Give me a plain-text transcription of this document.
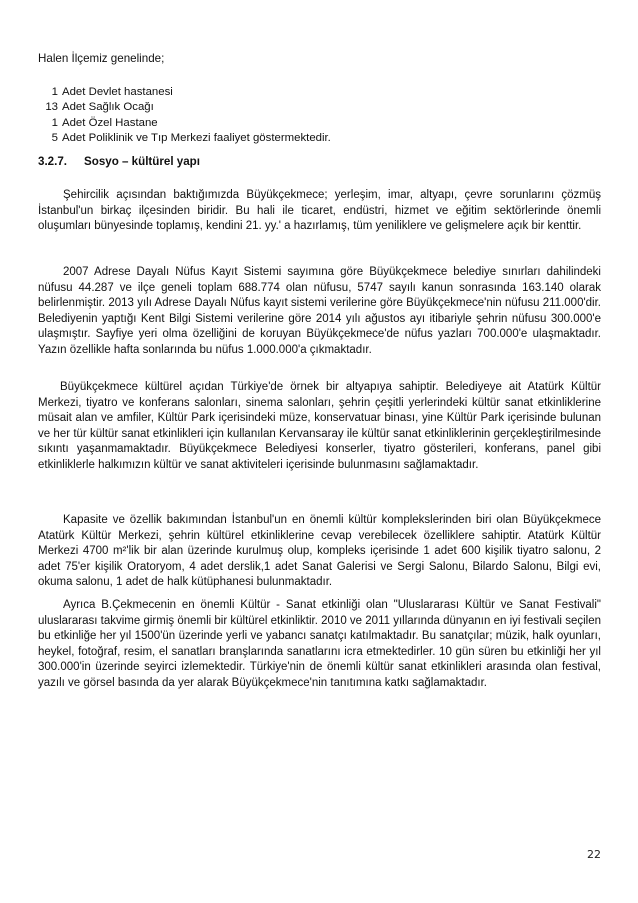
Halen İlçemiz genelinde;
1 Adet Devlet hastanesi
13 Adet Sağlık Ocağı
1 Adet Özel Hastane
5 Adet Poliklinik ve Tıp Merkezi faaliyet göstermektedir.
3.2.7. Sosyo – kültürel yapı

Şehircilik açısından baktığımızda Büyükçekmece; yerleşim, imar, altyapı, çevre sorunlarını çözmüş İstanbul'un birkaç ilçesinden biridir. Bu hali ile ticaret, endüstri, hizmet ve eğitim sektörlerinde önemli oluşumları bünyesinde toplamış, kendini 21. yy.' a hazırlamış, tüm yeniliklere ve gelişmelere açık bir kenttir.

2007 Adrese Dayalı Nüfus Kayıt Sistemi sayımına göre Büyükçekmece belediye sınırları dahilindeki nüfusu 44.287 ve ilçe geneli toplam 688.774 olan nüfusu, 5747 sayılı kanun sonrasında 163.140 olarak belirlenmiştir. 2013 yılı Adrese Dayalı Nüfus kayıt sistemi verilerine göre Büyükçekmece'nin nüfusu 211.000'dir. Belediyenin yaptığı Kent Bilgi Sistemi verilerine göre 2014 yılı ağustos ayı itibariyle şehrin nüfusu 300.000'e ulaşmıştır. Sayfiye yeri olma özelliğini de koruyan Büyükçekmece'de nüfus yazları 700.000'e ulaşmaktadır. Yazın özellikle hafta sonlarında bu nüfus 1.000.000'a çıkmaktadır.

Büyükçekmece kültürel açıdan Türkiye'de örnek bir altyapıya sahiptir. Belediyeye ait Atatürk Kültür Merkezi, tiyatro ve konferans salonları, sinema salonları, şehrin çeşitli yerlerindeki kültür sanat etkinliklerine müsait alan ve amfiler, Kültür Park içerisindeki müze, konservatuar binası, yine Kültür Park içerisinde bulunan ve her tür kültür sanat etkinlikleri için kullanılan Kervansaray ile kültür sanat etkinliklerinin gerçekleştirilmesinde sıkıntı yaşanmamaktadır. Büyükçekmece Belediyesi konserler, tiyatro gösterileri, konferans, panel gibi etkinliklerle halkımızın kültür ve sanat aktiviteleri içerisinde bulunmasını sağlamaktadır.

Kapasite ve özellik bakımından İstanbul'un en önemli kültür komplekslerinden biri olan Büyükçekmece Atatürk Kültür Merkezi, şehrin kültürel etkinliklerine cevap verebilecek özelliklere sahiptir. Atatürk Kültür Merkezi 4700 m²'lik bir alan üzerinde kurulmuş olup, kompleks içerisinde 1 adet 600 kişilik tiyatro salonu, 2 adet 75'er kişilik Oratoryom, 4 adet derslik,1 adet Sanat Galerisi ve Sergi Salonu, Bilardo Salonu, Bilgi evi, okuma salonu, 1 adet de halk kütüphanesi bulunmaktadır.

Ayrıca B.Çekmecenin en önemli Kültür - Sanat etkinliği olan "Uluslararası Kültür ve Sanat Festivali" uluslararası takvime girmiş önemli bir kültürel etkinliktir. 2010 ve 2011 yıllarında dünyanın en iyi festivali seçilen bu etkinliğe her yıl 1500'ün üzerinde yerli ve yabancı sanatçı katılmaktadır. Bu sanatçılar; müzik, halk oyunları, heykel, fotoğraf, resim, el sanatları branşlarında sanatlarını icra etmektedirler. 10 gün süren bu etkinliği her yıl 300.000'in üzerinde seyirci izlemektedir. Türkiye'nin de önemli kültür sanat etkinlikleri arasında olan festival, yazılı ve görsel basında da yer alarak Büyükçekmece'nin tanıtımına katkı sağlamaktadır.

22
